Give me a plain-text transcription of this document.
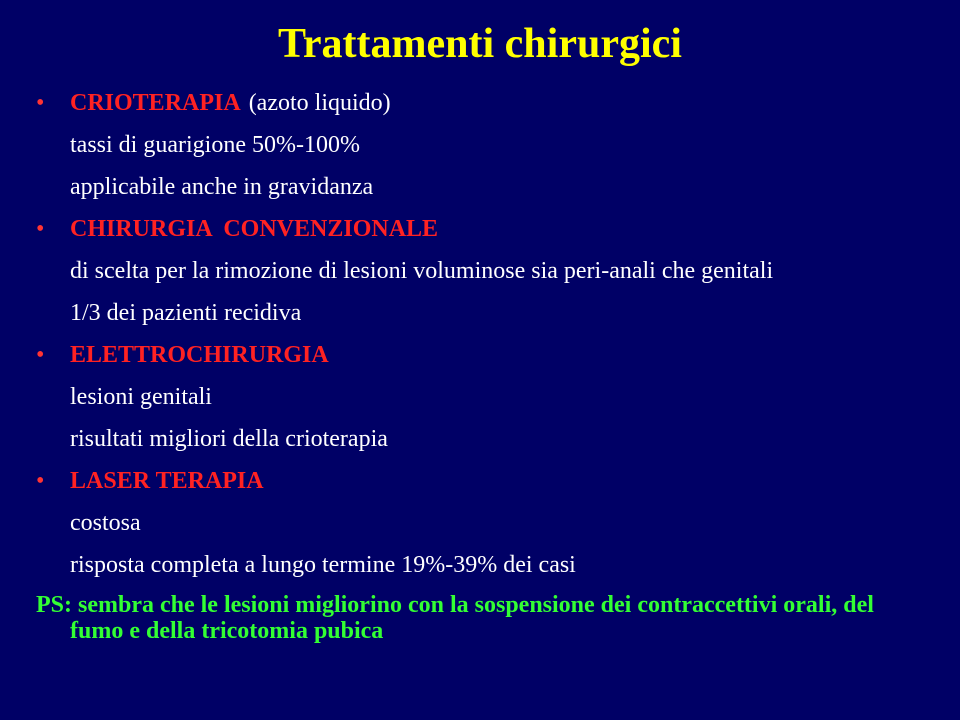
Trattamenti chirurgici
• CRIOTERAPIA (azoto liquido)
tassi di guarigione 50%-100%
applicabile anche in gravidanza
• CHIRURGIA  CONVENZIONALE
di scelta per la rimozione di lesioni voluminose sia peri-anali che genitali
1/3 dei pazienti recidiva
• ELETTROCHIRURGIA
lesioni genitali
risultati migliori della crioterapia
• LASER TERAPIA
costosa
risposta completa a lungo termine 19%-39% dei casi
PS: sembra che le lesioni migliorino con la sospensione dei contraccettivi orali, del fumo e della tricotomia pubica
